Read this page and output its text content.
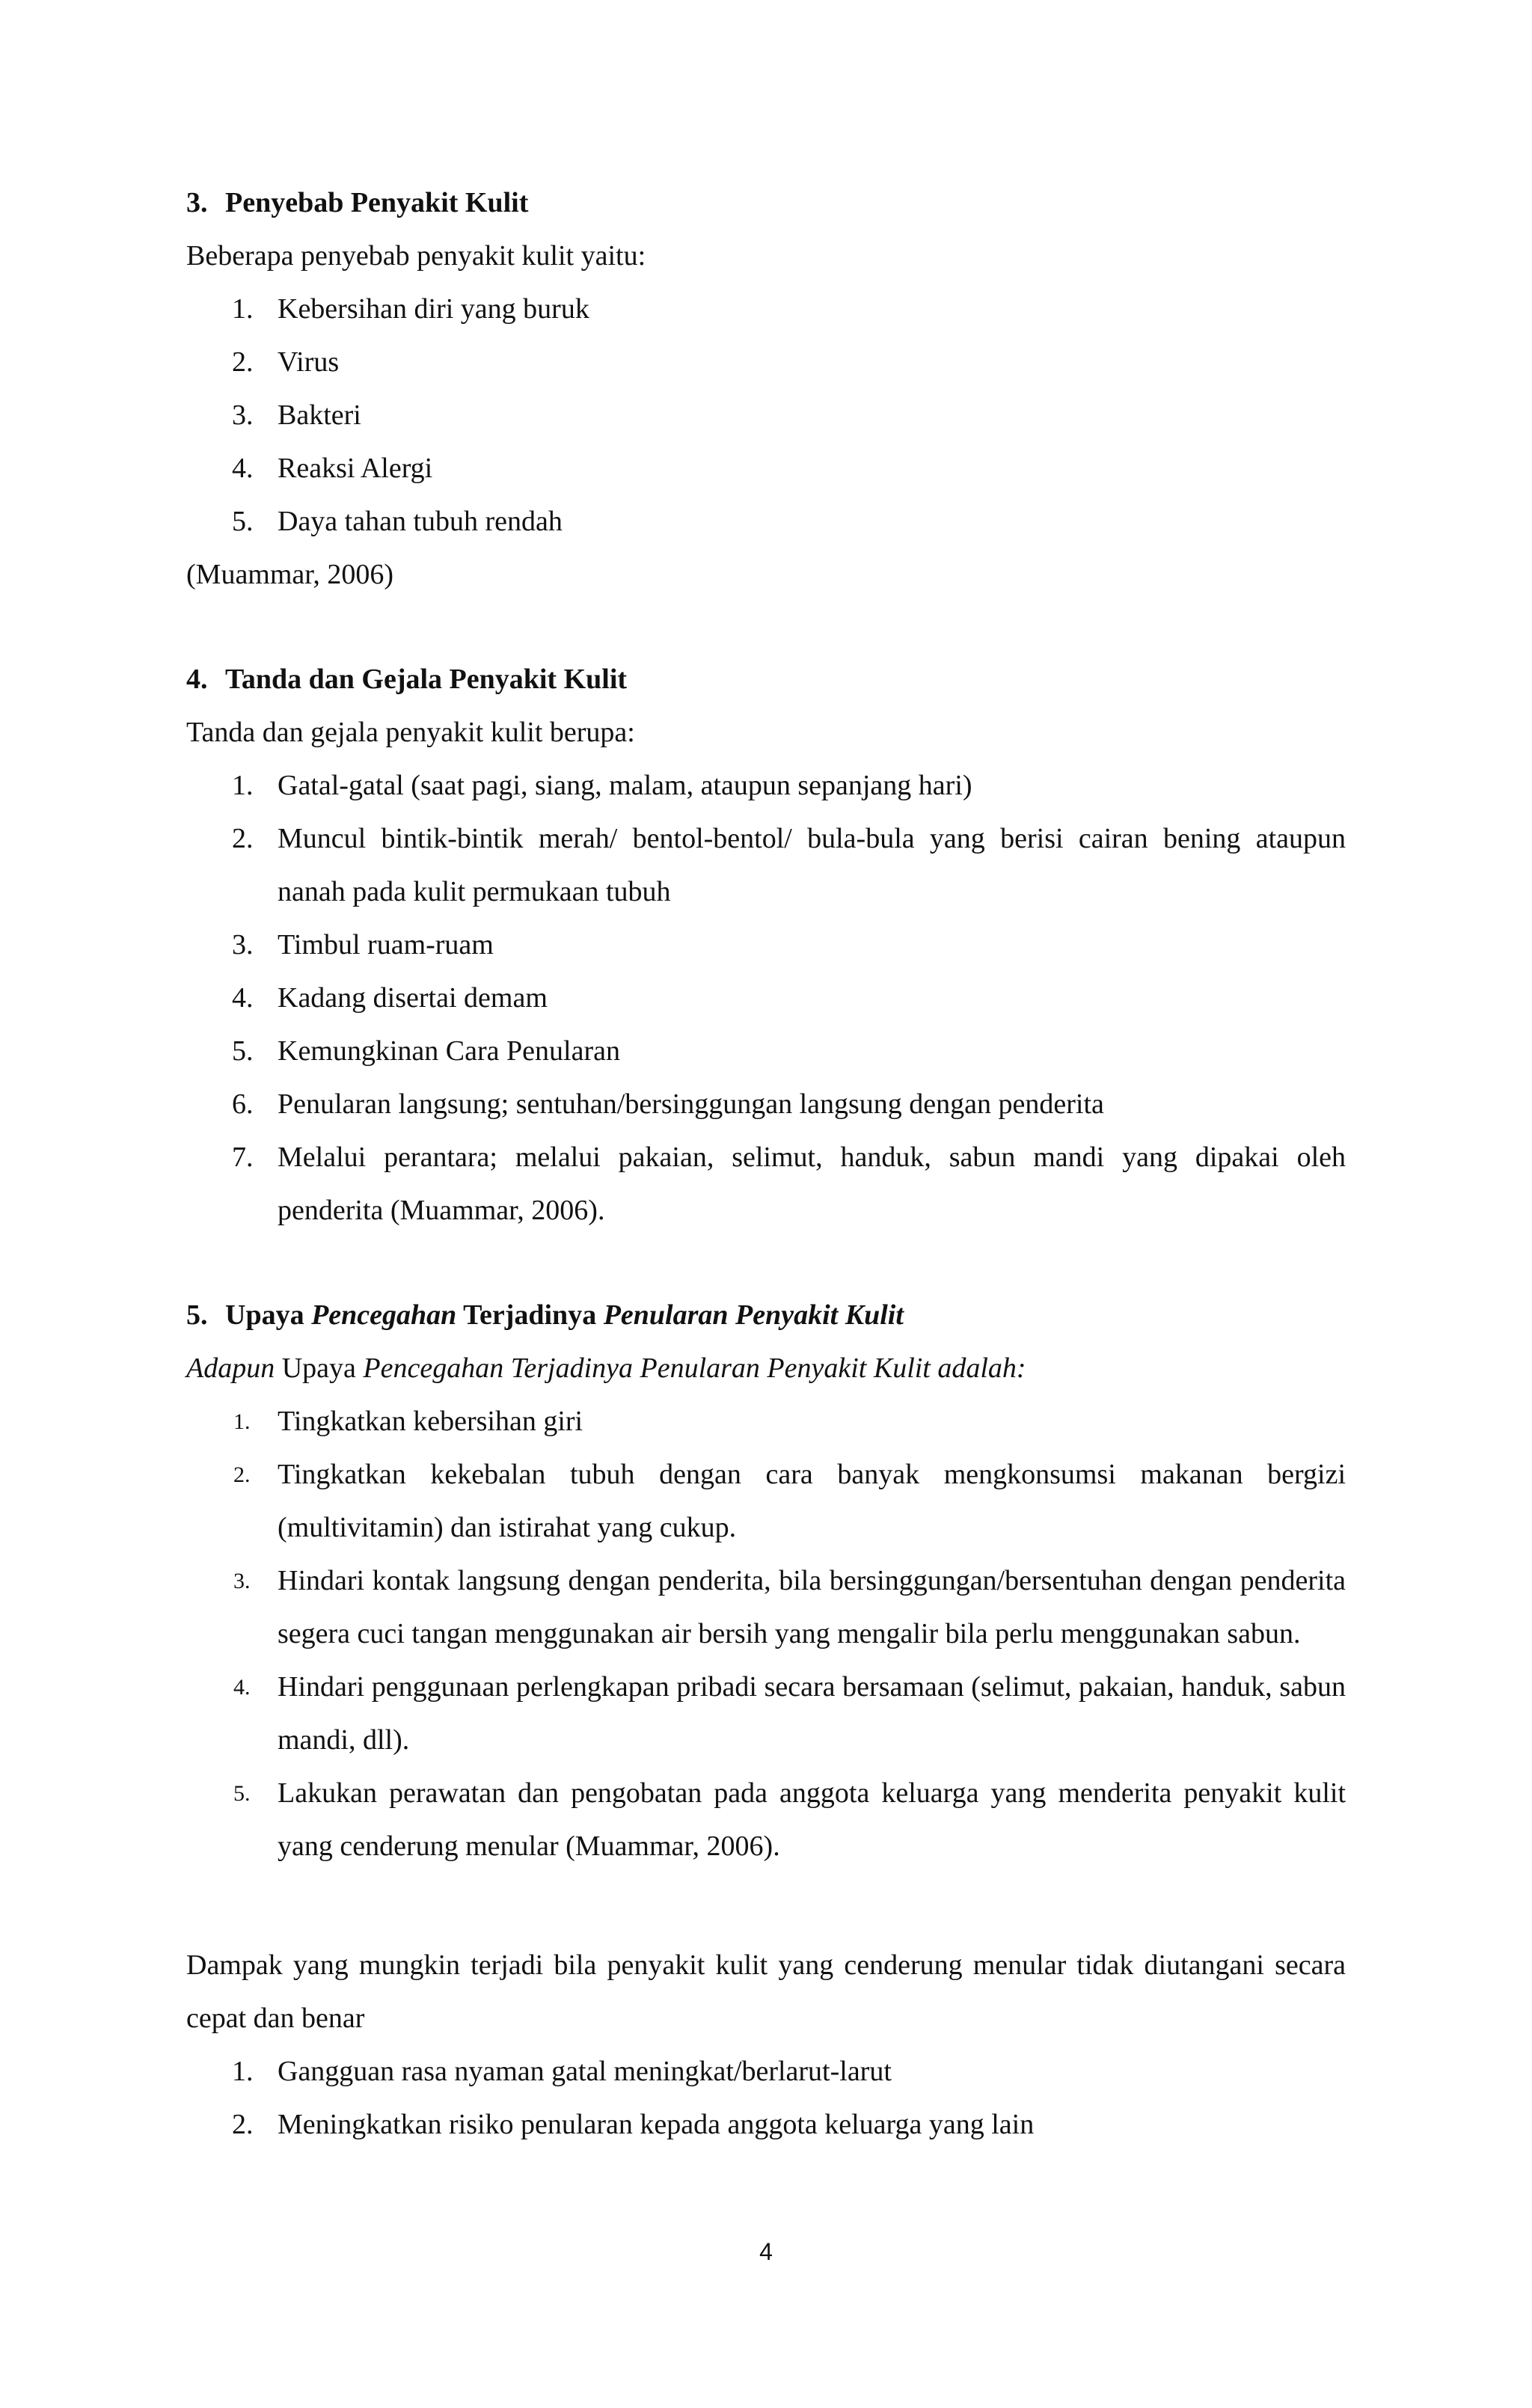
3. Penyebab Penyakit Kulit
Beberapa penyebab penyakit kulit yaitu:
1. Kebersihan diri yang buruk
2. Virus
3. Bakteri
4. Reaksi Alergi
5. Daya tahan tubuh rendah
(Muammar, 2006)
4. Tanda dan Gejala Penyakit Kulit
Tanda dan gejala penyakit kulit berupa:
1. Gatal-gatal (saat pagi, siang, malam, ataupun sepanjang hari)
2. Muncul bintik-bintik merah/ bentol-bentol/ bula-bula yang berisi cairan bening ataupun nanah pada kulit permukaan tubuh
3. Timbul ruam-ruam
4. Kadang disertai demam
5. Kemungkinan Cara Penularan
6. Penularan langsung; sentuhan/bersinggungan langsung dengan penderita
7. Melalui perantara; melalui pakaian, selimut, handuk, sabun mandi yang dipakai oleh penderita (Muammar, 2006).
5. Upaya Pencegahan Terjadinya Penularan Penyakit Kulit
Adapun Upaya Pencegahan Terjadinya Penularan Penyakit Kulit adalah:
1. Tingkatkan kebersihan giri
2. Tingkatkan kekebalan tubuh dengan cara banyak mengkonsumsi makanan bergizi (multivitamin) dan istirahat yang cukup.
3. Hindari kontak langsung dengan penderita, bila bersinggungan/bersentuhan dengan penderita segera cuci tangan menggunakan air bersih yang mengalir bila perlu menggunakan sabun.
4. Hindari penggunaan perlengkapan pribadi secara bersamaan (selimut, pakaian, handuk, sabun mandi, dll).
5. Lakukan perawatan dan pengobatan pada anggota keluarga yang menderita penyakit kulit yang cenderung menular (Muammar, 2006).

Dampak yang mungkin terjadi bila penyakit kulit yang cenderung menular tidak diutangani secara cepat dan benar

1. Gangguan rasa nyaman gatal meningkat/berlarut-larut
2. Meningkatkan risiko penularan kepada anggota keluarga yang lain
4
